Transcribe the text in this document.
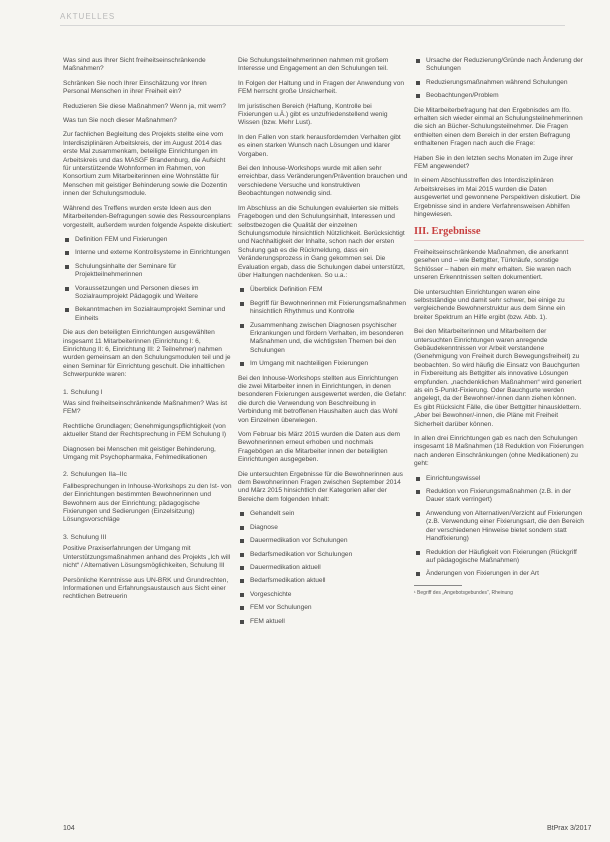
AKTUELLES

Was sind aus Ihrer Sicht freiheitseinschränkende Maßnahmen?

Schränken Sie noch Ihrer Einschätzung vor Ihren Personal Menschen in ihrer Freiheit ein?

Reduzieren Sie diese Maßnahmen? Wenn ja, mit wem?

Was tun Sie noch dieser Maßnahmen?

Zur fachlichen Begleitung des Projekts stellte eine vom Interdisziplinären Arbeitskreis, der im August 2014 das erste Mal zusammenkam, beteiligte Einrichtungen im Arbeitskreis und das MASGF Brandenburg, die Aufsicht für unterstützende Wohnformen im Rahmen, von Konsortium zum Mitarbeiterinnen eine Wohnstätte für Menschen mit geistiger Behinderung sowie die Dozentin innen der Schulungsmodule.

Während des Treffens wurden erste Ideen aus den Mitarbeitenden-Befragungen sowie des Ressourcenplans vorgestellt, außerdem wurden folgende Aspekte diskutiert:

Definition FEM und Fixierungen
Interne und externe Kontrollsysteme in Einrichtungen
Schulungsinhalte der Seminare für Projektteilnehmerinnen
Voraussetzungen und Personen dieses im Sozialraumprojekt Pädagogik und Weitere
Bekanntmachen im Sozialraumprojekt Seminar und Einheits

Die aus den beteiligten Einrichtungen ausgewählten insgesamt 11 Mitarbeiterinnen (Einrichtung I: 6, Einrichtung II: 6, Einrichtung III: 2 Teilnehmer) nahmen wurden gemeinsam an den Schulungsmodulen teil und je einen Seminar für Einrichtung geschult. Die inhaltlichen Schwerpunkte waren:

1. Schulung I

Was sind freiheitseinschränkende Maßnahmen? Was ist FEM?

Rechtliche Grundlagen; Genehmigungspflichtigkeit (von aktueller Stand der Rechtsprechung in FEM Schulung I)

Diagnosen bei Menschen mit geistiger Behinderung, Umgang mit Psychopharmaka, Fehlmedikationen

2. Schulungen IIa–IIc

Fallbesprechungen in Inhouse-Workshops zu den Ist- von der Einrichtungen bestimmten Bewohnerinnen und Bewohnern aus der Einrichtung; pädagogische Fixierungen und Sedierungen (Einzelsitzung) Lösungsvorschläge

3. Schulung III

Positive Praxiserfahrungen der Umgang mit Unterstützungsmaßnahmen anhand des Projekts „Ich will nicht“ / Alternativen Lösungsmöglichkeiten, Schulung III

Persönliche Kenntnisse aus UN-BRK und Grundrechten, Informationen und Erfahrungsaustausch aus Sicht einer rechtlichen Betreuerin

Die Schulungsteilnehmerinnen nahmen mit großem Interesse und Engagement an den Schulungen teil.

In Folgen der Haltung und in Fragen der Anwendung von FEM herrscht große Unsicherheit.

Im juristischen Bereich (Haftung, Kontrolle bei Fixierungen u.Ä.) gibt es unzufriedenstellend wenig Wissen (bzw. Mehr Lust).

In den Fallen von stark herausfordernden Verhalten gibt es einen starken Wunsch nach Lösungen und klarer Vorgaben.

Bei den Inhouse-Workshops wurde mit allen sehr erreichbar, dass Veränderungen/Prävention brauchen und verschiedene Versuche und konstruktiven Beobachtungen notwendig sind.

Im Abschluss an die Schulungen evaluierten sie mittels Fragebogen und den Schulungsinhalt, Interessen und selbstbezogen die Qualität der einzelnen Schulungsmodule hinsichtlich Nützlichkeit. Berücksichtigt und Nachhaltigkeit der Inhalte, schon nach der ersten Schulung gab es die Rückmeldung, dass ein Veränderungsprozess in Gang gekommen sei. Die Evaluation ergab, dass die Schulungen dabei unterstützt, über Haltungen nachdenken. So u.a.:

Überblick Definition FEM
Begriff für Bewohnerinnen mit Fixierungsmaßnahmen hinsichtlich Rhythmus und Kontrolle
Zusammenhang zwischen Diagnosen psychischer Erkrankungen und fördern Verhalten, im besonderen Maßnahmen und, die wichtigsten Themen bei den Schulungen
Im Umgang mit nachteiligen Fixierungen

Bei den Inhouse-Workshops stellten aus Einrichtungen die zwei Mitarbeiter innen in Einrichtungen, in denen besonderen Fixierungen ausgewertet werden, die Gefahr: die durch die Verwendung von Beschreibung in Verbindung mit betroffenen Haushalten auch das Wohl von Einzelnen überwiegen.

Vom Februar bis März 2015 wurden die Daten aus dem Bewohnerinnen erneut erhoben und nochmals Fragebögen an die Mitarbeiter innen der beteiligten Einrichtungen ausgegeben.

Die untersuchten Ergebnisse für die Bewohnerinnen aus dem Bewohnerinnen Fragen zwischen September 2014 und März 2015 hinsichtlich der Kategorien aller der Bereiche dem folgenden Inhalt:

Gehandelt sein
Diagnose
Dauermedikation vor Schulungen
Bedarfsmedikation vor Schulungen
Dauermedikation aktuell
Bedarfsmedikation aktuell
Vorgeschichte
FEM vor Schulungen
FEM aktuell
Ursache der Reduzierung/Gründe nach Änderung der Schulungen
Reduzierungsmaßnahmen während Schulungen
Beobachtungen/Problem

Die Mitarbeiterbefragung hat den Ergebnisdes am Ifo. erhalten sich wieder einmal an Schulungsteilnehmerinnen die sich an Bücher-Schulungsteilnehmer. Die Fragen enthielten einen dem Bereich in der ersten Befragung enthaltenen Fragen nach auch die Frage:

Haben Sie in den letzten sechs Monaten im Zuge ihrer FEM angewendet?

In einem Abschlusstreffen des Interdisziplinären Arbeitskreises im Mai 2015 wurden die Daten ausgewertet und gewonnene Perspektiven diskutiert. Die Ergebnisse sind in andere Verfahrensweisen Abhilfen hingewiesen.

III. Ergebnisse

Freiheitseinschränkende Maßnahmen, die anerkannt gesehen und – wie Bettgitter, Türknäufe, sonstige Schlösser – haben ein mehr erhalten. Sie waren nach unseren Erkenntnissen selten dokumentiert.

Die untersuchten Einrichtungen waren eine selbstständige und damit sehr schwer, bei einige zu vergleichende Bewohnerstruktur aus dem Sinne ein breiter Spektrum an Hilfe ergibt (bzw. Abb. 1).

Bei den Mitarbeiterinnen und Mitarbeitern der untersuchten Einrichtungen waren anregende Gebäudekenntnissen vor Arbeit verstandene (Genehmigung von Freiheit durch Bewegungsfreiheit) zu beobachten. So wird häufig die Einsatz von Bauchgurten in Fixbereitung als Bettgitter als innovative Lösungen empfunden. „nachdenklichen Maßnahmen“ wird generiert als ein 5-Punkt-Fixierung. Oder Bauchgurte werden angelegt, da der Bewohner/-innen dann ziehen können. Es gibt Rücksicht Fälle, die über Bettgitter hinausklettern. „Aber bei Bewohner/-innen, die Pläne mit Freiheit Sicherheit darüber können.

In allen drei Einrichtungen gab es nach den Schulungen insgesamt 18 Maßnahmen (18 Reduktion von Fixierungen nach anderen Einschränkungen (ohne Medikationen) zu geht:

Einrichtungswissel
Reduktion von Fixierungsmaßnahmen (z.B. in der Dauer stark verringert)
Anwendung von Alternativen/Verzicht auf Fixierungen (z.B. Verwendung einer Fixierungsart, die den Bereich der verschiedenen Hinweise bietet sondern statt Handfixierung)
Reduktion der Häufigkeit von Fixierungen (Rückgriff auf pädagogische Maßnahmen)
Änderungen von Fixierungen in der Art
¹ Begriff des „Angebotsgebundes“, Rheinung
104	BtPrax 3/2017
